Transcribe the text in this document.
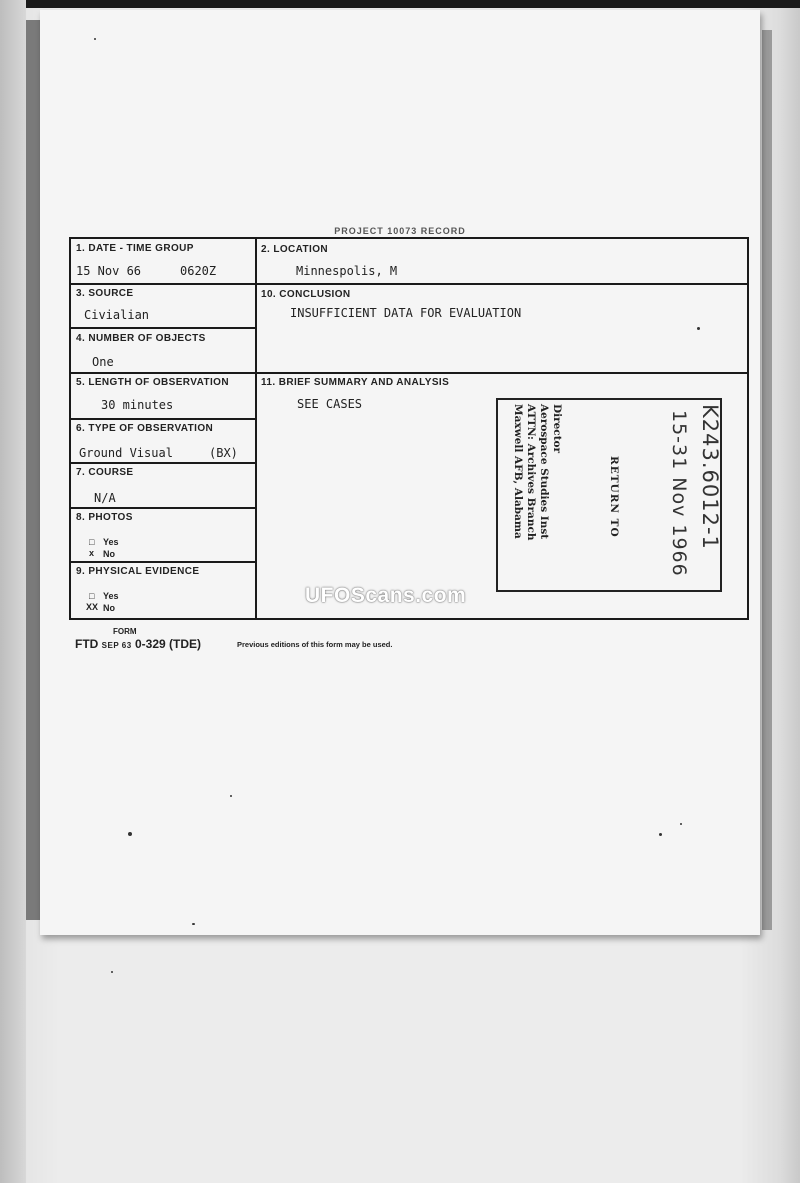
PROJECT 10073 RECORD
1. DATE - TIME GROUP
15 Nov 66	0620Z
2. LOCATION
Minnespolis, M
3. SOURCE
Civialian
4. NUMBER OF OBJECTS
One
10. CONCLUSION
INSUFFICIENT DATA FOR EVALUATION
5. LENGTH OF OBSERVATION
30 minutes
11. BRIEF SUMMARY AND ANALYSIS
SEE CASES
6. TYPE OF OBSERVATION
Ground Visual	(BX)
7. COURSE
N/A
8. PHOTOS
□ Yes
х No
9. PHYSICAL EVIDENCE
□ Yes
XX No
Maxwell AFB, Alabama ATTN: Archives Branch Aerospace Studies Inst Director
RETURN TO	K243.6012-1
15-31 Nov 1966
UFOScans.com
FORM
FTD SEP 63 0-329 (TDE)	Previous editions of this form may be used.
